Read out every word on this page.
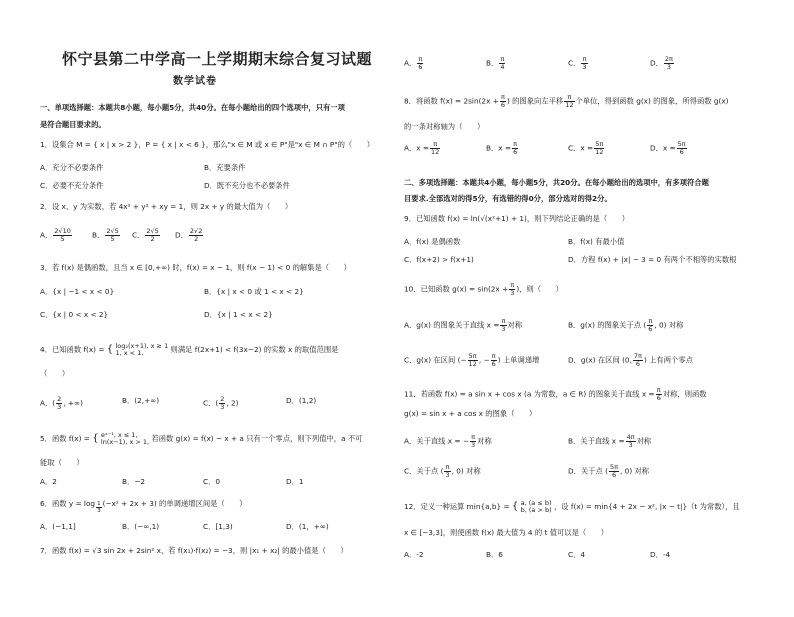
怀宁县第二中学高一上学期期末综合复习试题
数学试卷
一、单项选择题：本题共8小题，每小题5分，共40分。在每小题给出的四个选项中，只有一项
是符合题目要求的。
1．设集合 M = { x | x > 2 }，P = { x | x < 6 }，那么"x ∈ M 或 x ∈ P"是"x ∈ M ∩ P"的（　　）
A．充分不必要条件	B．充要条件
C．必要不充分条件	D．既不充分也不必要条件
2．设 x、y 为实数，若 4x² + y² + xy = 1，则 2x + y 的最大值为（　　）
A． $\frac{2√10}{5}$	B． $\frac{2√5}{5}$ C． $\frac{2√5}{2}$ D． $\frac{2√2}{2}$
3．若 f(x) 是偶函数，且当 x ∈ [0,+∞) 时，f(x) = x − 1，则 f(x − 1) < 0 的解集是（　　）
A．{x | −1 < x < 0}	B．{x | x < 0 或 1 < x < 2}
C．{x | 0 < x < 2}	D．{x | 1 < x < 2}
4．已知函数 f(x) = { log₂(x+1), x ≥ 1
1, x < 1,	则满足 f(2x+1) < f(3x−2) 的实数 x 的取值范围是
（　　）
A．( $\frac{2}{3}$ , +∞)	B．(2,+∞)	C．( $\frac{2}{3}$ , 2)	D．(1,2)
5．函数 f(x) = { eˣ⁻¹, x ≤ 1,
ln(x−1), x > 1, 若函数 g(x) = f(x) − x + a 只有一个零点，则下列值中，a 不可
能取（　　）
A．2	B．−2	C．0	D．1
6．函数 $y = \log \frac{1}{3} (-x^2 + 2x + 3)$ 的单调递增区间是（　　）
A．(−1,1]	B．(−∞,1)	C．[1,3)	D．(1，+∞)
7．函数 f(x) = √3 sin 2x + 2sin² x，若 f(x₁)·f(x₂) = −3，则 |x₁ + x₂| 的最小值是（　　）
A． $\frac{\pi}{6}$	B． $\frac{\pi}{4}$	C． $\frac{\pi}{3}$	D． $\frac{2\pi}{3}$
8．将函数 $f(x) = 2\sin(2x + \frac{\pi}{6}$ ) 的图象向左平移 $\frac{\pi}{12}$ 个单位，得到函数 g(x) 的图象，所得函数 g(x)
的一条对称轴为（　　）
A．$x = \frac{\pi}{12}$	B．$x = \frac{\pi}{6}$	C．$x = \frac{5\pi}{12}$	D．$x = \frac{5\pi}{6}$
二、多项选择题：本题共4小题，每小题5分，共20分。在每小题给出的选项中，有多项符合题
目要求.全部选对的得5分，有选错的得0分，部分选对的得2分。
9．已知函数 f(x) = ln(√(x²+1) + 1)，则下列结论正确的是（　　）
A．f(x) 是偶函数	B．f(x) 有最小值
C．f(x+2) > f(x+1)	D．方程 f(x) + |x| − 3 = 0 有两个不相等的实数根
10．已知函数 $g(x) = \sin(2x + \frac{\pi}{3}$ )，则（　　）
A．g(x) 的图象关于直线 $x = \frac{\pi}{3}$ 对称	B．g(x) 的图象关于点 ( $\frac{\pi}{6}$ , 0) 对称
C．g(x) 在区间 (− $\frac{5\pi}{12}$ , − $\frac{\pi}{6}$ ) 上单调递增	D．g(x) 在区间 (0, $\frac{7\pi}{6}$ ) 上有两个零点
11．若函数 f(x) = a sin x + cos x (a 为常数，a ∈ R) 的图象关于直线 $x = \frac{\pi}{6}$ 对称，则函数
g(x) = sin x + a cos x 的图象（　　）
A．关于直线 x = − $\frac{\pi}{3}$ 对称	B．关于直线 $x = \frac{4\pi}{3}$ 对称
C．关于点 ( $\frac{\pi}{3}$ , 0) 对称	D．关于点 ( $\frac{5\pi}{6}$ , 0) 对称
12．定义一种运算 min{a,b} = { a, (a ≤ b)
b, (a > b) ，设 f(x) = min{4 + 2x − x², |x − t|}（t 为常数），且
x ∈ [−3,3]，则使函数 f(x) 最大值为 4 的 t 值可以是（　　）
A．-2	B．6	C．4	D．-4
